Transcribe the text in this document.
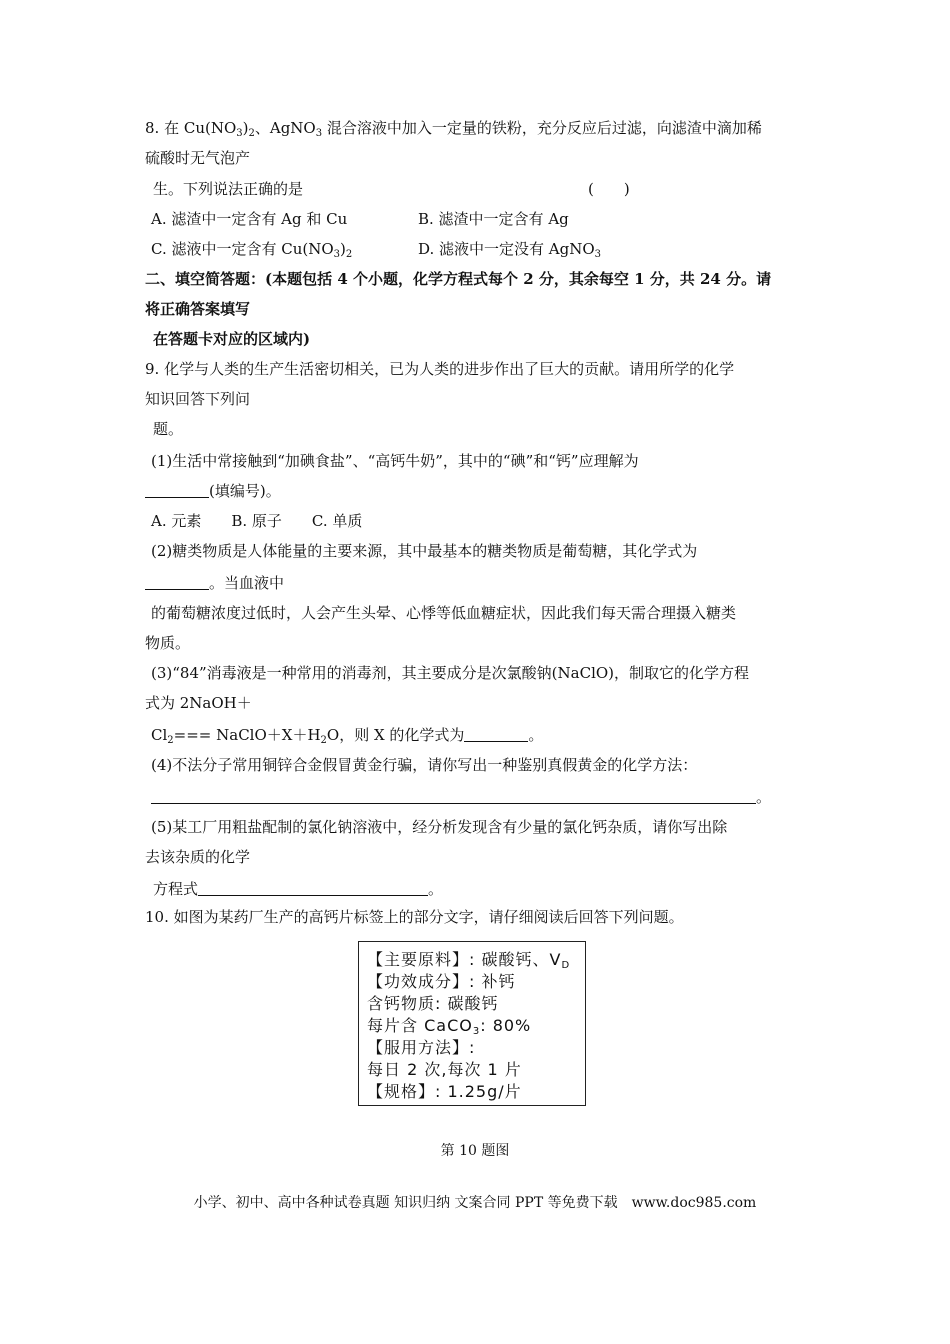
8. 在 $Cu(NO_3)_2$、AgNO$_3$ 混合溶液中加入一定量的铁粉，充分反应后过滤，向滤渣中滴加稀
硫酸时无气泡产
生。下列说法正确的是	(　　)
A. 滤渣中一定含有 Ag 和 Cu	B. 滤渣中一定含有 Ag
C. 滤液中一定含有 $Cu(NO_3)_2$	D. 滤液中一定没有 AgNO$_3$
二、填空简答题：(本题包括 4 个小题，化学方程式每个 2 分，其余每空 1 分，共 24 分。请
将正确答案填写
在答题卡对应的区域内)
9. 化学与人类的生产生活密切相关，已为人类的进步作出了巨大的贡献。请用所学的化学
知识回答下列问
题。
(1)生活中常接触到“加碘食盐”、“高钙牛奶”，其中的“碘”和“钙”应理解为
(填编号)。
A. 元素　　B. 原子　　C. 单质
(2)糖类物质是人体能量的主要来源，其中最基本的糖类物质是葡萄糖，其化学式为
。当血液中
的葡萄糖浓度过低时，人会产生头晕、心悸等低血糖症状，因此我们每天需合理摄入糖类
物质。
(3)“84”消毒液是一种常用的消毒剂，其主要成分是次氯酸钠(NaClO)，制取它的化学方程
式为 2NaOH＋
$Cl_2===$ $NaClO+X+H_2O$，则 X 的化学式为	。
(4)不法分子常用铜锌合金假冒黄金行骗，请你写出一种鉴别真假黄金的化学方法：
。
(5)某工厂用粗盐配制的氯化钠溶液中，经分析发现含有少量的氯化钙杂质，请你写出除
去该杂质的化学
方程式	。
10. 如图为某药厂生产的高钙片标签上的部分文字，请仔细阅读后回答下列问题。
【主要原料】: 碳酸钙、$V_D$
【功效成分】: 补钙
含钙物质: 碳酸钙
每片含 CaCO$_3$: 80%
【服用方法】:
每日 2 次,每次 1 片
【规格】: 1.25g/片
第 10 题图
小学、初中、高中各种试卷真题 知识归纳 文案合同 PPT 等免费下载　www.doc985.com
